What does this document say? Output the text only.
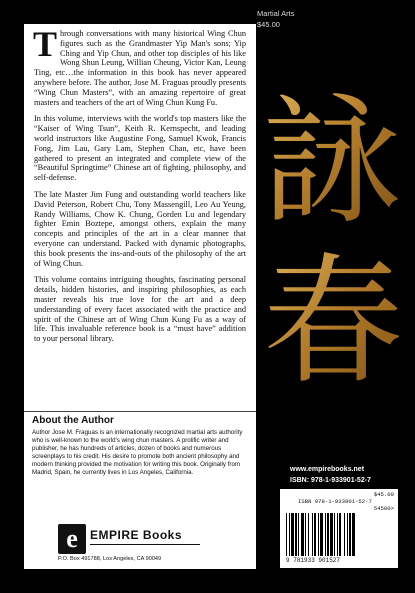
Through conversations with many historical Wing Chun figures such as the Grandmaster Yip Man's sons; Yip Ching and Yip Chun, and other top disciples of his like Wong Shun Leung, Willian Cheung, Victor Kan, Leung Ting, etc…the information in this book has never appeared anywhere before. The author, Jose M. Fraguas proudly presents “Wing Chun Masters”, with an amazing repertoire of great masters and teachers of the art of Wing Chun Kung Fu.

In this volume, interviews with the world's top masters like the “Kaiser of Wing Tsun”, Keith R. Kernspecht, and leading world instructors like Augustine Fong, Samuel Kwok, Francis Fong, Jim Lau, Gary Lam, Stephen Chan, etc, have been gathered to present an integrated and complete view of the “Beautiful Springtime” Chinese art of fighting, philosophy, and self-defense.

The late Master Jim Fung and outstanding world teachers like David Peterson, Robert Chu, Tony Massengill, Leo Au Yeung, Randy Williams, Chow K. Chung, Gorden Lu and legendary fighter Emin Boztepe, amongst others, explain the many concepts and principles of the art in a clear manner that everyone can understand. Packed with dynamic photographs, this book presents the ins-and-outs of the philosophy of the art of Wing Chun.

This volume contains intriguing thoughts, fascinating personal details, hidden histories, and inspiring philosophies, as each master reveals his true love for the art and a deep understanding of every facet associated with the practice and spirit of the Chinese art of Wing Chun Kung Fu as a way of life. This invaluable reference book is a “must have” addition to your personal library.

About the Author
Author Jose M. Fraguas is an internationally recognized martial arts authority who is well-known to the world's wing chun masters. A prolific writer and publisher, he has hundreds of articles, dozen of books and numerous screenplays to his credit. His desire to promote both ancient philosophy and modern thinking provided the motivation for writing this book. Originally from Madrid, Spain, he currently lives in Los Angeles, California.
e	EMPIRE Books
P.O. Box 491788, Los Angeles, CA 90049
Martial Arts
$45.00
詠
春
www.empirebooks.net
ISBN: 978-1-933901-52-7
$45.00
ISBN 978-1-933901-52-7
54500>
9 781933 901527
